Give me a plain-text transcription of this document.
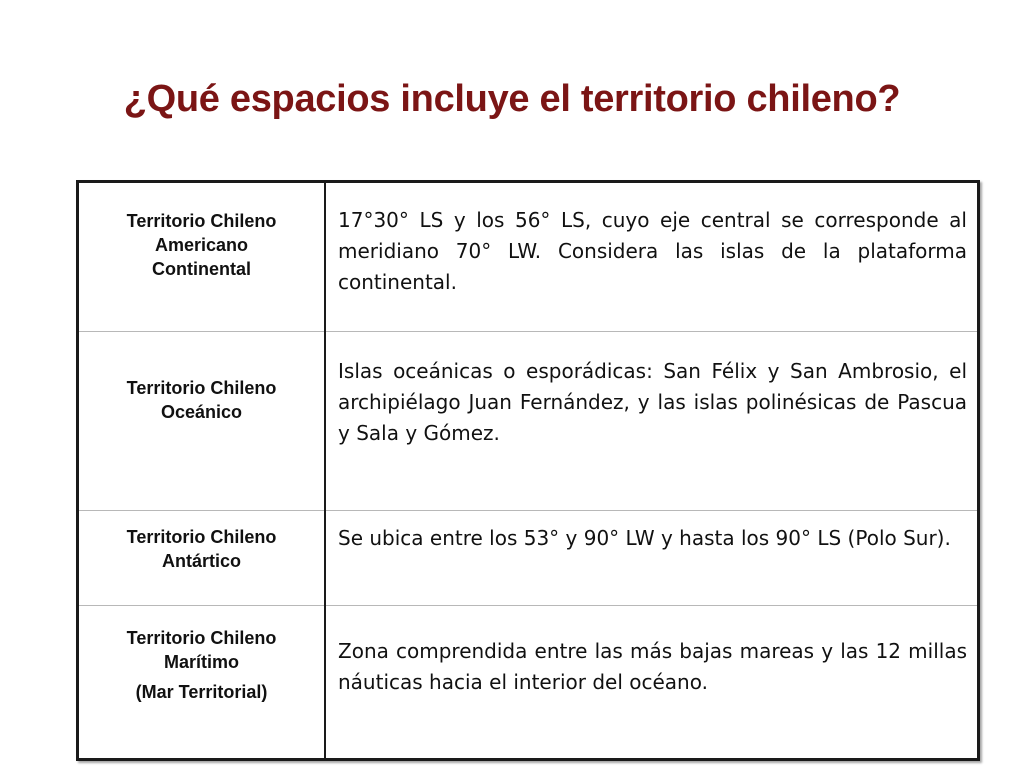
¿Qué espacios incluye el territorio chileno?
Territorio Chileno
Americano
Continental	17°30° LS y los 56° LS, cuyo eje central se corresponde al meridiano 70° LW. Considera las islas de la plataforma continental.

Territorio Chileno
Oceánico	Islas oceánicas o esporádicas: San Félix y San Ambrosio, el archipiélago Juan Fernández, y las islas polinésicas de Pascua y Sala y Gómez.

Territorio Chileno
Antártico	Se ubica entre los 53° y 90° LW y hasta los 90° LS (Polo Sur).

Territorio Chileno
Marítimo
(Mar Territorial)	Zona comprendida entre las más bajas mareas y las 12 millas náuticas hacia el interior del océano.
